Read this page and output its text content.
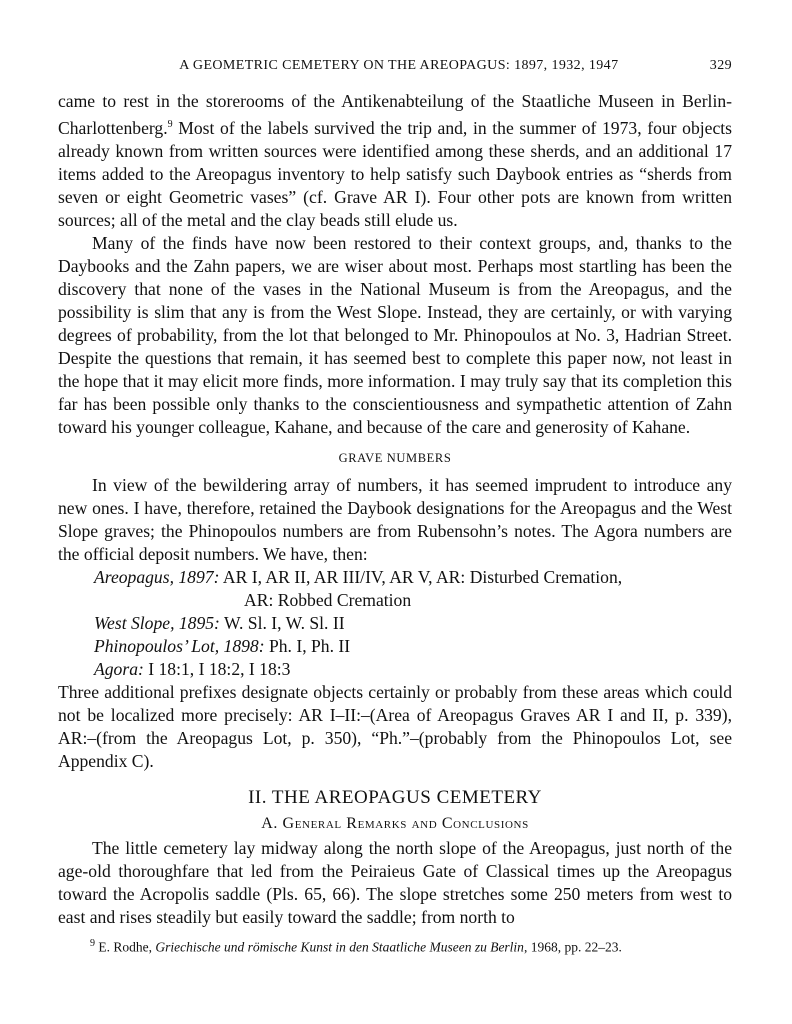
A GEOMETRIC CEMETERY ON THE AREOPAGUS: 1897, 1932, 1947	329

came to rest in the storerooms of the Antikenabteilung of the Staatliche Museen in Berlin-Charlottenberg.$^9$ Most of the labels survived the trip and, in the summer of 1973, four objects already known from written sources were identified among these sherds, and an additional 17 items added to the Areopagus inventory to help satisfy such Daybook entries as “sherds from seven or eight Geometric vases” (cf. Grave AR I). Four other pots are known from written sources; all of the metal and the clay beads still elude us.

Many of the finds have now been restored to their context groups, and, thanks to the Daybooks and the Zahn papers, we are wiser about most. Perhaps most startling has been the discovery that none of the vases in the National Museum is from the Areopagus, and the possibility is slim that any is from the West Slope. Instead, they are certainly, or with varying degrees of probability, from the lot that belonged to Mr. Phinopoulos at No. 3, Hadrian Street. Despite the questions that remain, it has seemed best to complete this paper now, not least in the hope that it may elicit more finds, more information. I may truly say that its completion this far has been possible only thanks to the conscientiousness and sympathetic attention of Zahn toward his younger colleague, Kahane, and because of the care and generosity of Kahane.

GRAVE NUMBERS

In view of the bewildering array of numbers, it has seemed imprudent to introduce any new ones. I have, therefore, retained the Daybook designations for the Areopagus and the West Slope graves; the Phinopoulos numbers are from Rubensohn’s notes. The Agora numbers are the official deposit numbers. We have, then:

Areopagus, 1897: AR I, AR II, AR III/IV, AR V, AR: Disturbed Cremation,
AR: Robbed Cremation
West Slope, 1895: W. Sl. I, W. Sl. II
Phinopoulos’ Lot, 1898: Ph. I, Ph. II
Agora: I 18:1, I 18:2, I 18:3

Three additional prefixes designate objects certainly or probably from these areas which could not be localized more precisely: AR I–II:–(Area of Areopagus Graves AR I and II, p. 339), AR:–(from the Areopagus Lot, p. 350), “Ph.”–(probably from the Phinopoulos Lot, see Appendix C).

II. THE AREOPAGUS CEMETERY
A. General Remarks and Conclusions

The little cemetery lay midway along the north slope of the Areopagus, just north of the age-old thoroughfare that led from the Peiraieus Gate of Classical times up the Areopagus toward the Acropolis saddle (Pls. 65, 66). The slope stretches some 250 meters from west to east and rises steadily but easily toward the saddle; from north to

$^9$ E. Rodhe, Griechische und römische Kunst in den Staatliche Museen zu Berlin, 1968, pp. 22–23.
